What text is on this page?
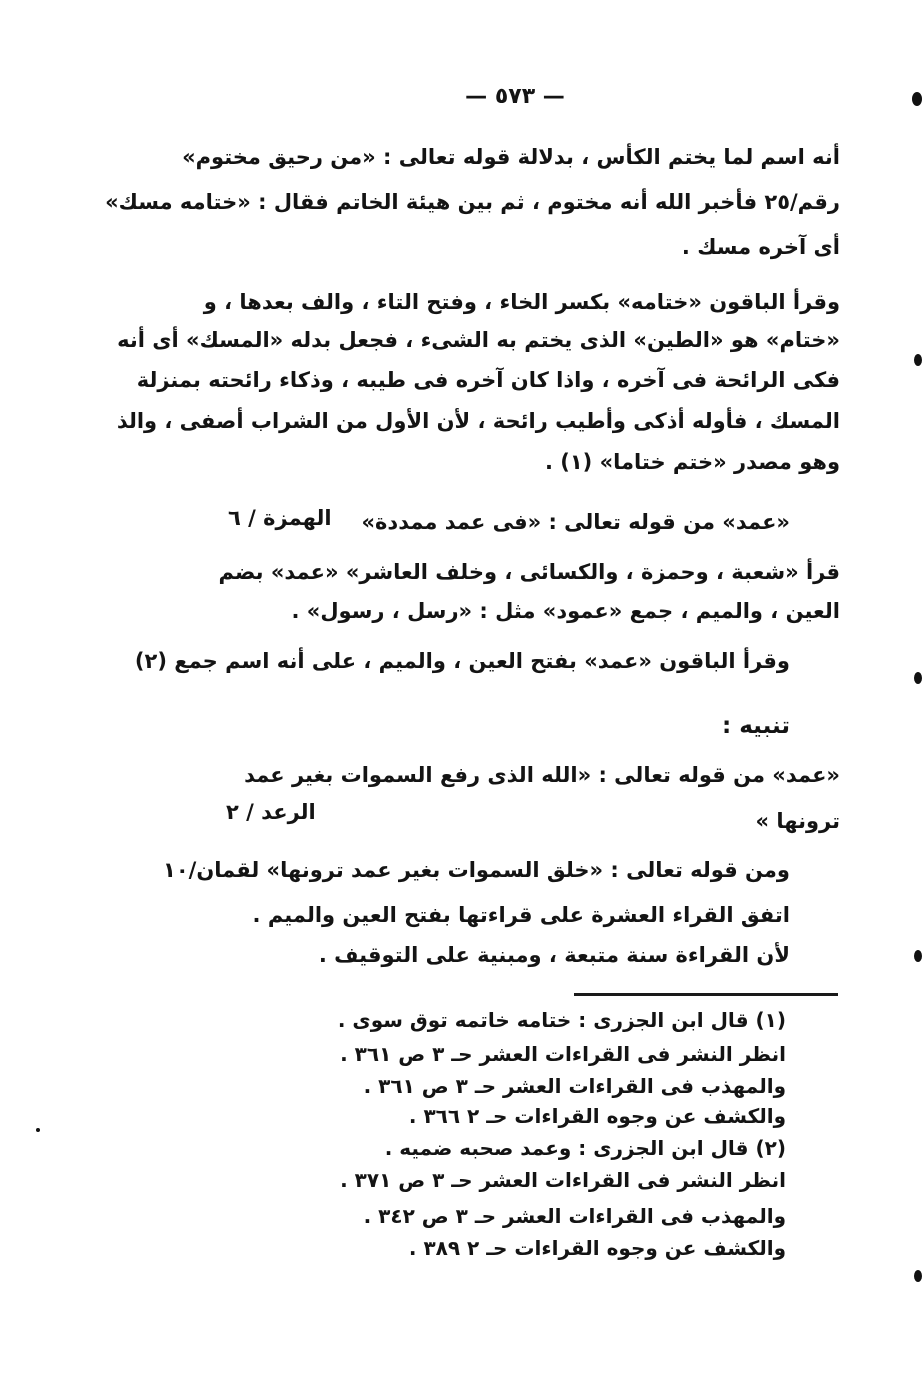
— ٥٧٣ —
أنه اسم لما يختم الكأس ، بدلالة قوله تعالى : «من رحيق مختوم»
رقم/٢٥ فأخبر الله أنه مختوم ، ثم بين هيئة الخاتم فقال : «ختامه مسك»
أى آخره مسك .
وقرأ الباقون «ختامه» بكسر الخاء ، وفتح التاء ، والف بعدها ، و
«ختام» هو «الطين» الذى يختم به الشىء ، فجعل بدله «المسك» أى أنه
فكى الرائحة فى آخره ، واذا كان آخره فى طيبه ، وذكاء رائحته بمنزلة
المسك ، فأوله أذكى وأطيب رائحة ، لأن الأول من الشراب أصفى ، والذ
وهو مصدر «ختم ختاما» (١) .
«عمد» من قوله تعالى : «فى عمد ممددة»
الهمزة / ٦
قرأ «شعبة ، وحمزة ، والكسائى ، وخلف العاشر» «عمد» بضم
العين ، والميم ، جمع «عمود» مثل : «رسل ، رسول» .
وقرأ الباقون «عمد» بفتح العين ، والميم ، على أنه اسم جمع (٢)
تنبيه :
«عمد» من قوله تعالى : «الله الذى رفع السموات بغير عمد
الرعد / ٢	ترونها »
ومن قوله تعالى : «خلق السموات بغير عمد ترونها» لقمان/١٠
اتفق القراء العشرة على قراءتها بفتح العين والميم .
لأن القراءة سنة متبعة ، ومبنية على التوقيف .
(١) قال ابن الجزرى : ختامه خاتمه توق سوى .
انظر النشر فى القراءات العشر حـ ٣ ص ٣٦١ .
والمهذب فى القراءات العشر حـ ٣ ص ٣٦١ .
والكشف عن وجوه القراءات حـ ٢ ٣٦٦ .
(٢) قال ابن الجزرى : وعمد صحبه ضميه .
انظر النشر فى القراءات العشر حـ ٣ ص ٣٧١ .
والمهذب فى القراءات العشر حـ ٣ ص ٣٤٢ .
والكشف عن وجوه القراءات حـ ٢ ٣٨٩ .
